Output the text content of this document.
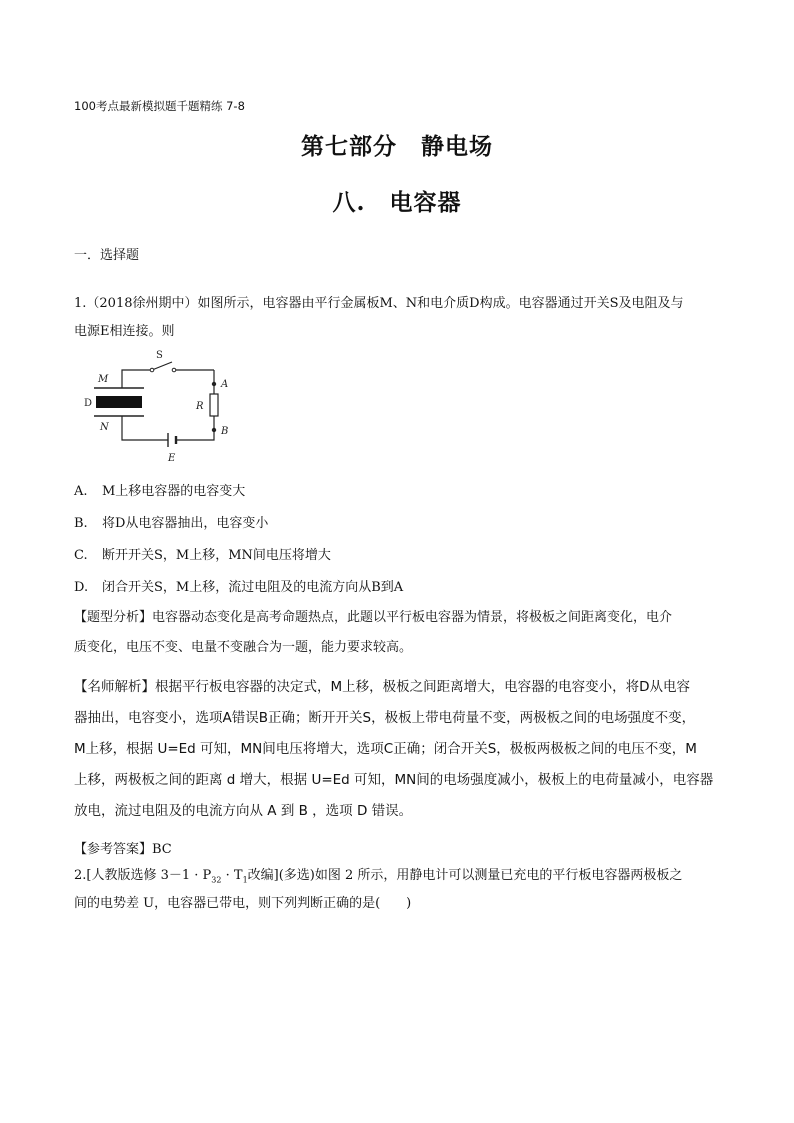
100考点最新模拟题千题精练 7-8
第七部分　静电场
八.　电容器
一．选择题
1.（2018徐州期中）如图所示，电容器由平行金属板M、N和电介质D构成。电容器通过开关S及电阻及与
电源E相连接。则
S
M
D
N
A
R
B
E
A. M上移电容器的电容变大
B. 将D从电容器抽出，电容变小
C. 断开开关S，M上移，MN间电压将增大
D. 闭合开关S，M上移，流过电阻及的电流方向从B到A
【题型分析】电容器动态变化是高考命题热点，此题以平行板电容器为情景，将极板之间距离变化，电介
质变化，电压不变、电量不变融合为一题，能力要求较高。
【名师解析】根据平行板电容器的决定式，M上移，极板之间距离增大，电容器的电容变小，将D从电容
器抽出，电容变小，选项A错误B正确；断开开关S，极板上带电荷量不变，两极板之间的电场强度不变，
M上移，根据 U=Ed 可知，MN间电压将增大，选项C正确；闭合开关S，极板两极板之间的电压不变，M
上移，两极板之间的距离 d 增大，根据 U=Ed 可知，MN间的电场强度减小，极板上的电荷量减小，电容器
放电，流过电阻及的电流方向从 A 到 B ，选项 D 错误。
【参考答案】BC
2.[人教版选修 $3-1 \cdot P_{32} \cdot T_1$改编](多选)如图 2 所示，用静电计可以测量已充电的平行板电容器两极板之
间的电势差 U，电容器已带电，则下列判断正确的是(　　)
